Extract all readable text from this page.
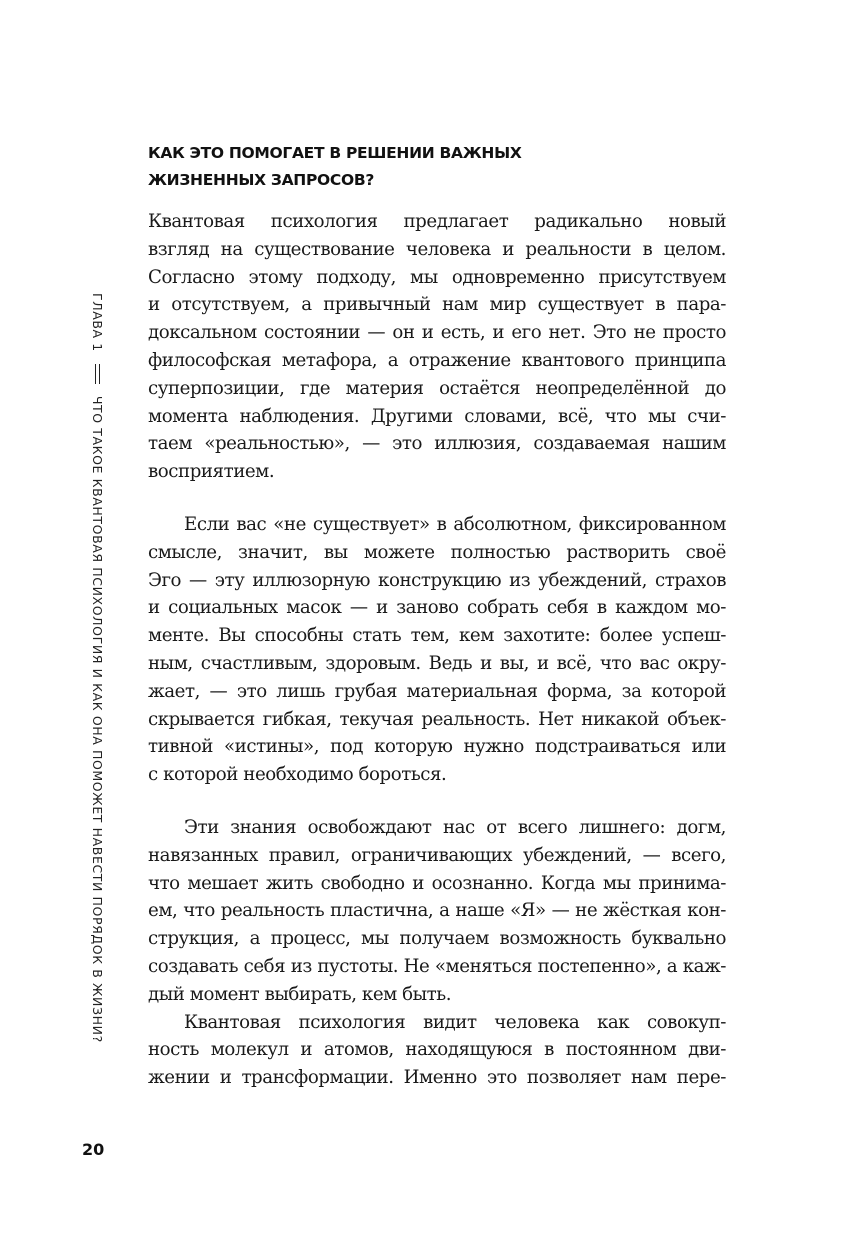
КАК ЭТО ПОМОГАЕТ В РЕШЕНИИ ВАЖНЫХ
ЖИЗНЕННЫХ ЗАПРОСОВ?
ГЛАВА 1
ЧТО ТАКОЕ КВАНТОВАЯ ПСИХОЛОГИЯ И КАК ОНА ПОМОЖЕТ НАВЕСТИ ПОРЯДОК В ЖИЗНИ?
Квантовая психология предлагает радикально новый
взгляд на существование человека и реальности в целом.
Согласно этому подходу, мы одновременно присутствуем
и отсутствуем, а привычный нам мир существует в пара-
доксальном состоянии — он и есть, и его нет. Это не просто
философская метафора, а отражение квантового принципа
суперпозиции, где материя остаётся неопределённой до
момента наблюдения. Другими словами, всё, что мы счи-
таем «реальностью», — это иллюзия, создаваемая нашим
восприятием.
Если вас «не существует» в абсолютном, фиксированном
смысле, значит, вы можете полностью растворить своё
Эго — эту иллюзорную конструкцию из убеждений, страхов
и социальных масок — и заново собрать себя в каждом мо-
менте. Вы способны стать тем, кем захотите: более успеш-
ным, счастливым, здоровым. Ведь и вы, и всё, что вас окру-
жает, — это лишь грубая материальная форма, за которой
скрывается гибкая, текучая реальность. Нет никакой объек-
тивной «истины», под которую нужно подстраиваться или
с которой необходимо бороться.
Эти знания освобождают нас от всего лишнего: догм,
навязанных правил, ограничивающих убеждений, — всего,
что мешает жить свободно и осознанно. Когда мы принима-
ем, что реальность пластична, а наше «Я» — не жёсткая кон-
струкция, а процесс, мы получаем возможность буквально
создавать себя из пустоты. Не «меняться постепенно», а каж-
дый момент выбирать, кем быть.
Квантовая психология видит человека как совокуп-
ность молекул и атомов, находящуюся в постоянном дви-
жении и трансформации. Именно это позволяет нам пере-
20
